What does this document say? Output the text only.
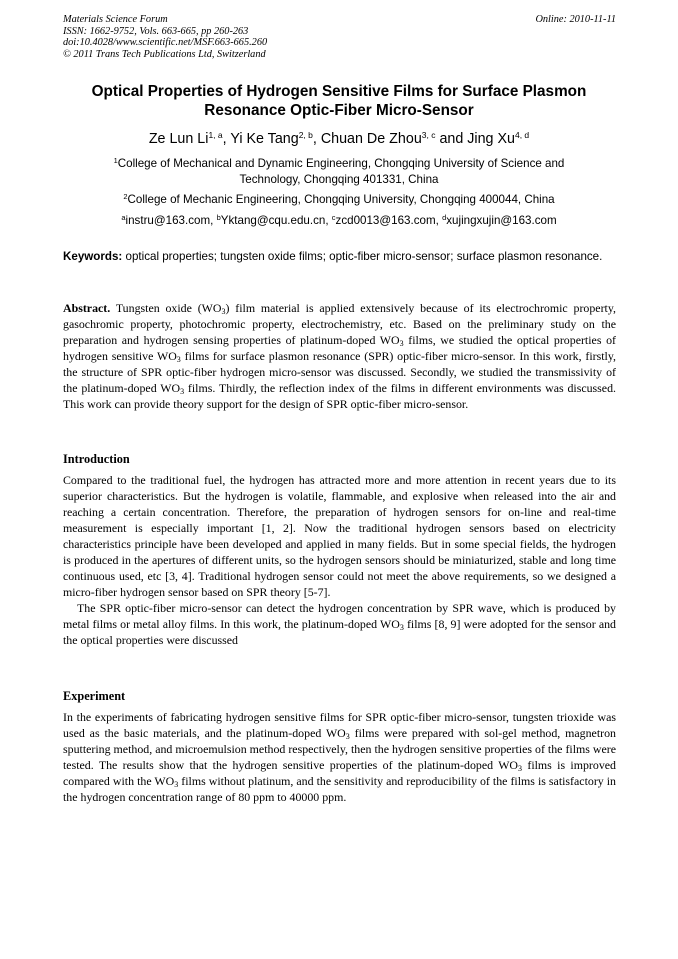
Materials Science Forum
ISSN: 1662-9752, Vols. 663-665, pp 260-263
doi:10.4028/www.scientific.net/MSF.663-665.260
© 2011 Trans Tech Publications Ltd, Switzerland
Online: 2010-11-11
Optical Properties of Hydrogen Sensitive Films for Surface Plasmon
Resonance Optic-Fiber Micro-Sensor
Ze Lun Li$^{1, a}$, Yi Ke Tang$^{2, b}$, Chuan De Zhou$^{3, c}$ and Jing Xu$^{4, d}$
$^1$College of Mechanical and Dynamic Engineering, Chongqing University of Science and
Technology, Chongqing 401331, China
$^2$College of Mechanic Engineering, Chongqing University, Chongqing 400044, China
$^a$instru@163.com, $^b$Yktang@cqu.edu.cn, $^c$zcd0013@163.com, $^d$xujingxujin@163.com
Keywords: optical properties; tungsten oxide films; optic-fiber micro-sensor; surface plasmon resonance.

Abstract. Tungsten oxide $(WO_3)$ film material is applied extensively because of its electrochromic property, gasochromic property, photochromic property, electrochemistry, etc. Based on the preliminary study on the preparation and hydrogen sensing properties of platinum-doped $WO_3$ films, we studied the optical properties of hydrogen sensitive $WO_3$ films for surface plasmon resonance (SPR) optic-fiber micro-sensor. In this work, firstly, the structure of SPR optic-fiber hydrogen micro-sensor was discussed. Secondly, we studied the transmissivity of the platinum-doped $WO_3$ films. Thirdly, the reflection index of the films in different environments was discussed. This work can provide theory support for the design of SPR optic-fiber micro-sensor.

Introduction

Compared to the traditional fuel, the hydrogen has attracted more and more attention in recent years due to its superior characteristics. But the hydrogen is volatile, flammable, and explosive when released into the air and reaching a certain concentration. Therefore, the preparation of hydrogen sensors for on-line and real-time measurement is especially important [1, 2]. Now the traditional hydrogen sensors based on electricity characteristics principle have been developed and applied in many fields. But in some special fields, the hydrogen is produced in the apertures of different units, so the hydrogen sensors should be miniaturized, stable and long time continuous used, etc [3, 4]. Traditional hydrogen sensor could not meet the above requirements, so we designed a micro-fiber hydrogen sensor based on SPR theory [5-7].

The SPR optic-fiber micro-sensor can detect the hydrogen concentration by SPR wave, which is produced by metal films or metal alloy films. In this work, the platinum-doped $WO_3$ films [8, 9] were adopted for the sensor and the optical properties were discussed

Experiment

In the experiments of fabricating hydrogen sensitive films for SPR optic-fiber micro-sensor, tungsten trioxide was used as the basic materials, and the platinum-doped $WO_3$ films were prepared with sol-gel method, magnetron sputtering method, and microemulsion method respectively, then the hydrogen sensitive properties of the films were tested. The results show that the hydrogen sensitive properties of the platinum-doped $WO_3$ films is improved compared with the $WO_3$ films without platinum, and the sensitivity and reproducibility of the films is satisfactory in the hydrogen concentration range of 80 ppm to 40000 ppm.
